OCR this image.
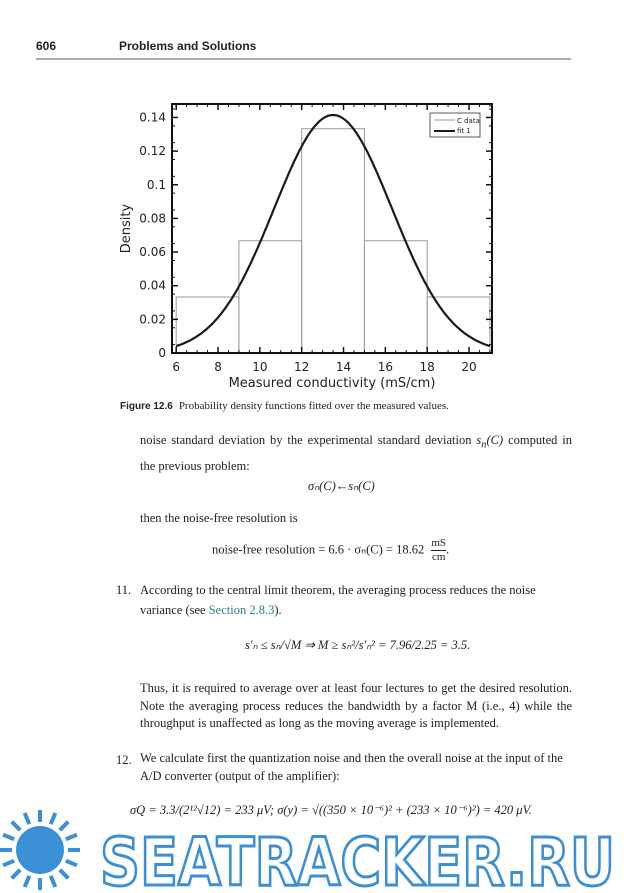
606	Problems and Solutions
6	8	10 12 14 16 18 20
0
0.02
0.04
0.06
0.08
0.1
0.12
0.14
Measured conductivity (mS/cm)
Density
C data
fit 1
Figure 12.6 Probability density functions fitted over the measured values.
noise standard deviation by the experimental standard deviation $s_n(C)$ computed in the previous problem:
σₙ(C)←sₙ(C)
then the noise-free resolution is
noise-free resolution = $6.6 \cdot \sigma_n(C) = 18.62 \frac{mS}{cm}$ .
11. According to the central limit theorem, the averaging process reduces the noise variance (see Section 2.8.3).
s′ₙ ≤ sₙ/√M ⇒ M ≥ sₙ²/s′ₙ² = 7.96/2.25 = 3.5.
Thus, it is required to average over at least four lectures to get the desired resolution. Note the averaging process reduces the bandwidth by a factor M (i.e., 4) while the throughput is unaffected as long as the moving average is implemented.
12. We calculate first the quantization noise and then the overall noise at the input of the A/D converter (output of the amplifier):
σQ = 3.3/(2¹²√12) = 233 μV; σ(y) = √((350 × 10⁻⁶)² + (233 × 10⁻⁶)²) = 420 μV.
SEATRACKER.RU
